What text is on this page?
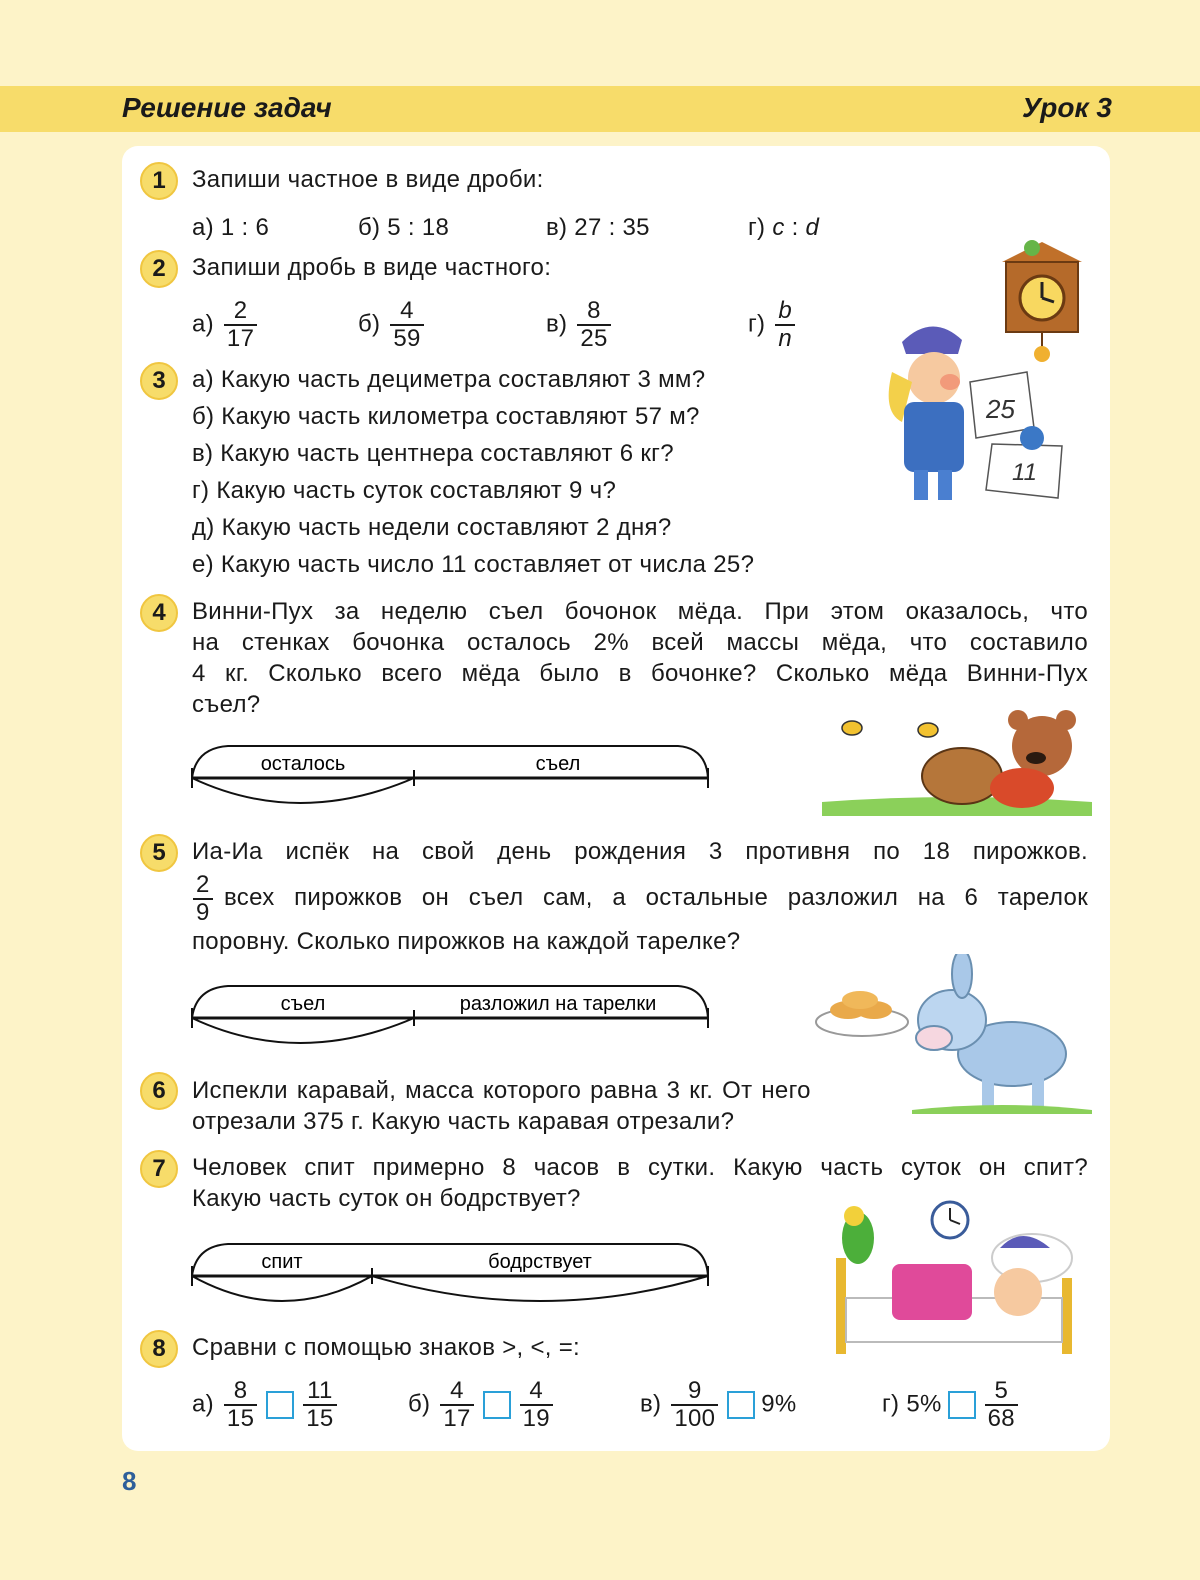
Решение задач	Урок 3
1	Запиши частное в виде дроби:
а) 1 : 6	б) 5 : 18	в) 27 : 35	г) c : d
2	Запиши дробь в виде частного:
$а) \frac{2}{17}$	$б) \frac{4}{59}$	$в) \frac{8}{25}$	$г) \frac{b}{n}$
3	а) Какую часть дециметра составляют 3 мм?
б) Какую часть километра составляют 57 м?
в) Какую часть центнера составляют 6 кг?
г) Какую часть суток составляют 9 ч?
д) Какую часть недели составляют 2 дня?
е) Какую часть число 11 составляет от числа 25?
25
11
4	Винни-Пух за неделю съел бочонок мёда. При этом оказалось, что
на стенках бочонка осталось 2% всей массы мёда, что составило
4 кг. Сколько всего мёда было в бочонке? Сколько мёда Винни-Пух
съел?
осталось	съел
5	Иа-Иа испёк на свой день рождения 3 противня по 18 пирожков.
$\frac{2}{9}$ всех пирожков он съел сам, а остальные разложил на 6 тарелок
поровну. Сколько пирожков на каждой тарелке?
съел	разложил на тарелки
6	Испекли каравай, масса которого равна 3 кг. От него
отрезали 375 г. Какую часть каравая отрезали?
7	Человек спит примерно 8 часов в сутки. Какую часть суток он спит?
Какую часть суток он бодрствует?
спит	бодрствует
8	Сравни с помощью знаков >, <, =:
$а) \frac{8}{15} \frac{11}{15}$	$б) \frac{4}{17} \frac{4}{19}$	$в) \frac{9}{100} 9\%$	г) $5\% \frac{5}{68}$
8
